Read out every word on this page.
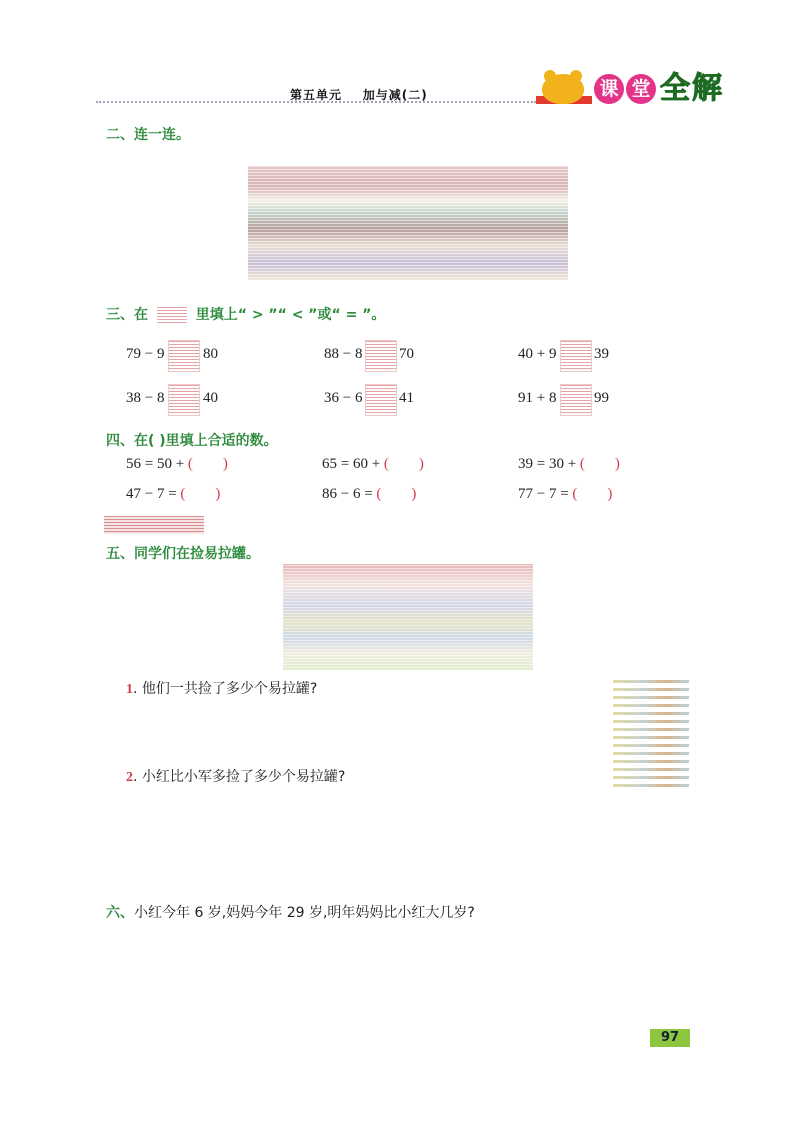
第五单元    加与减(二)	课 堂 全 解
二、连一连。
三、在	里填上“ > ”“ < ”或“ = ”。
79 − 9	80	88 − 8 70	40 + 9	39
38 − 8	40	36 − 6 41	91 + 8	99
四、在( )里填上合适的数。
56 = 50 + (        )	65 = 60 + (        )	39 = 30 + (        )
47 − 7 = (        )	86 − 6 = (        )	77 − 7 = (        )
五、同学们在捡易拉罐。
1. 他们一共捡了多少个易拉罐?
2. 小红比小军多捡了多少个易拉罐?
六、小红今年 6 岁,妈妈今年 29 岁,明年妈妈比小红大几岁?
97
